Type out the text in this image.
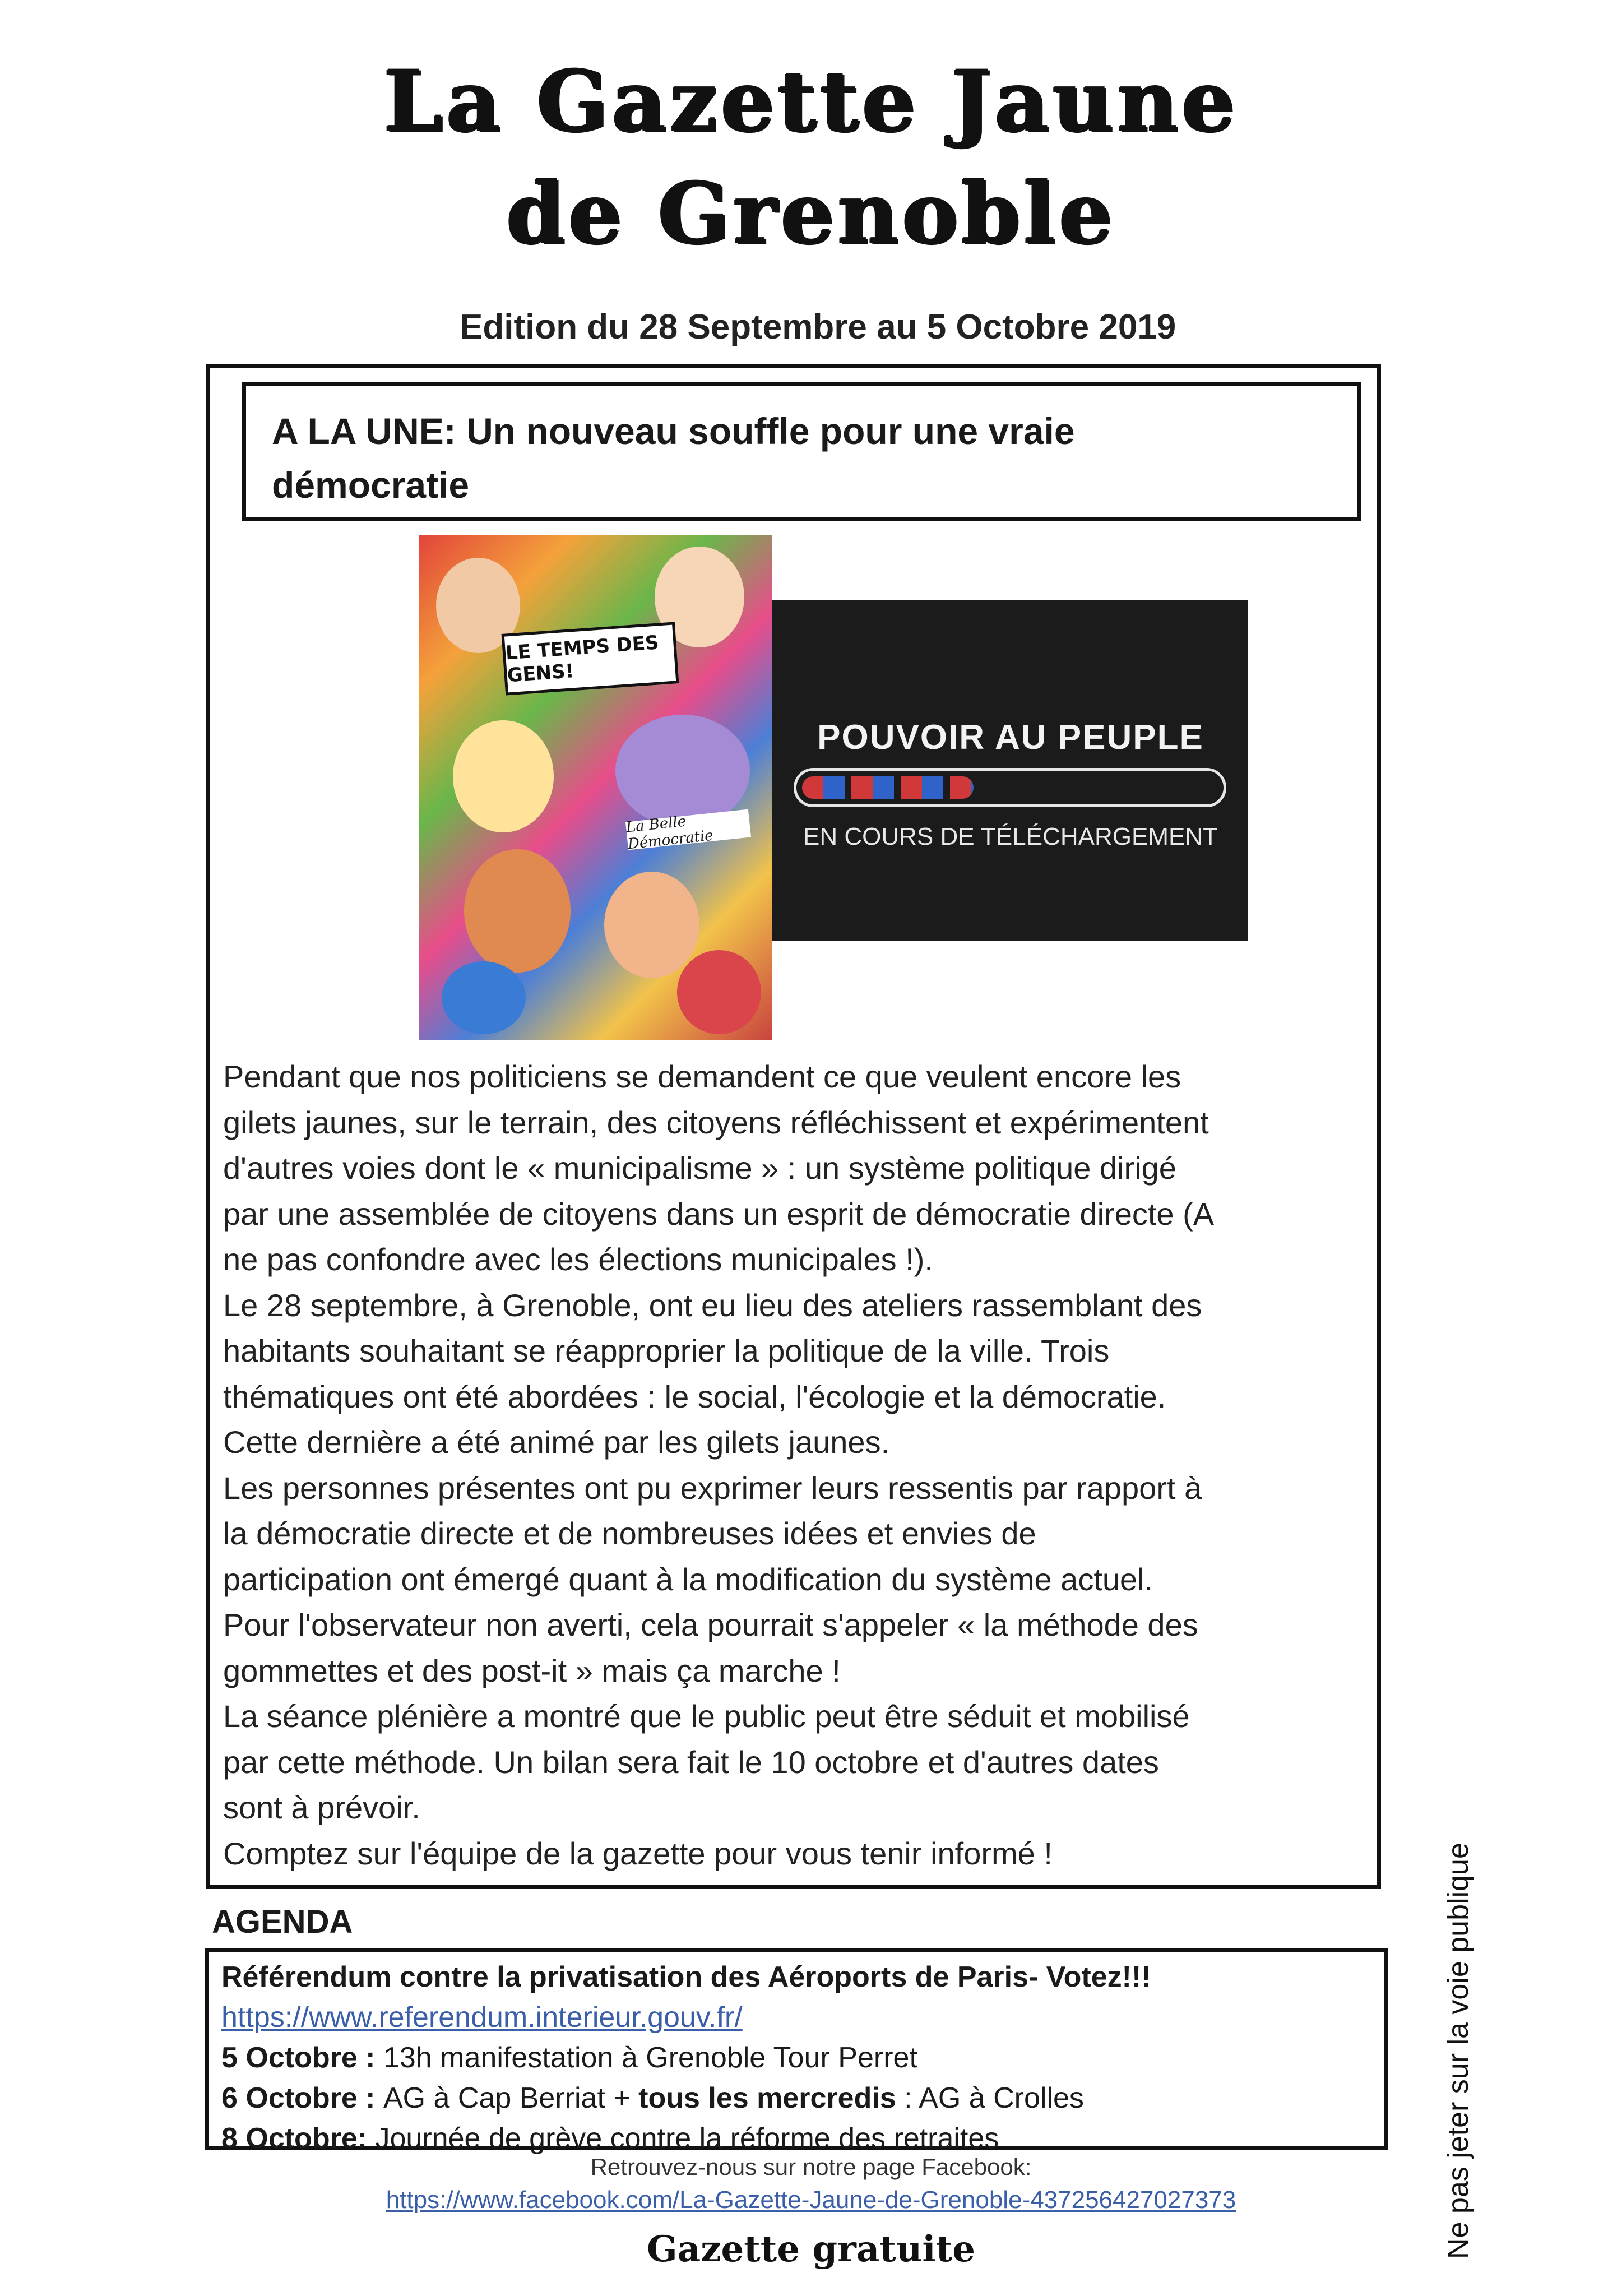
La Gazette Jaune
de Grenoble
Edition du 28 Septembre au 5 Octobre 2019
A LA UNE: Un nouveau souffle pour une vraie
démocratie
LE TEMPS DES GENS!
La Belle Démocratie
POUVOIR AU PEUPLE
EN COURS DE TÉLÉCHARGEMENT

Pendant que nos politiciens se demandent ce que veulent encore les

gilets jaunes, sur le terrain, des citoyens réfléchissent et expérimentent

d'autres voies dont le « municipalisme » : un système politique dirigé

par une assemblée de citoyens dans un esprit de démocratie directe (A

ne pas confondre avec les élections municipales !).

Le 28 septembre, à Grenoble, ont eu lieu des ateliers rassemblant des

habitants souhaitant se réapproprier la politique de la ville. Trois

thématiques ont été abordées : le social, l'écologie et la démocratie.

Cette dernière a été animé par les gilets jaunes.

Les personnes présentes ont pu exprimer leurs ressentis par rapport à

la démocratie directe et de nombreuses idées et envies de

participation ont émergé quant à la modification du système actuel.

Pour l'observateur non averti, cela pourrait s'appeler « la méthode des

gommettes et des post-it » mais ça marche !

La séance plénière a montré que le public peut être séduit et mobilisé

par cette méthode. Un bilan sera fait le 10 octobre et d'autres dates

sont à prévoir.

Comptez sur l'équipe de la gazette pour vous tenir informé !

AGENDA
Référendum contre la privatisation des Aéroports de Paris- Votez!!!
https://www.referendum.interieur.gouv.fr/
5 Octobre : 13h manifestation à Grenoble Tour Perret
6 Octobre : AG à Cap Berriat + tous les mercredis : AG à Crolles
8 Octobre: Journée de grève contre la réforme des retraites
Retrouvez-nous sur notre page Facebook:
https://www.facebook.com/La-Gazette-Jaune-de-Grenoble-437256427027373
Gazette gratuite	Ne pas jeter sur la voie publique
